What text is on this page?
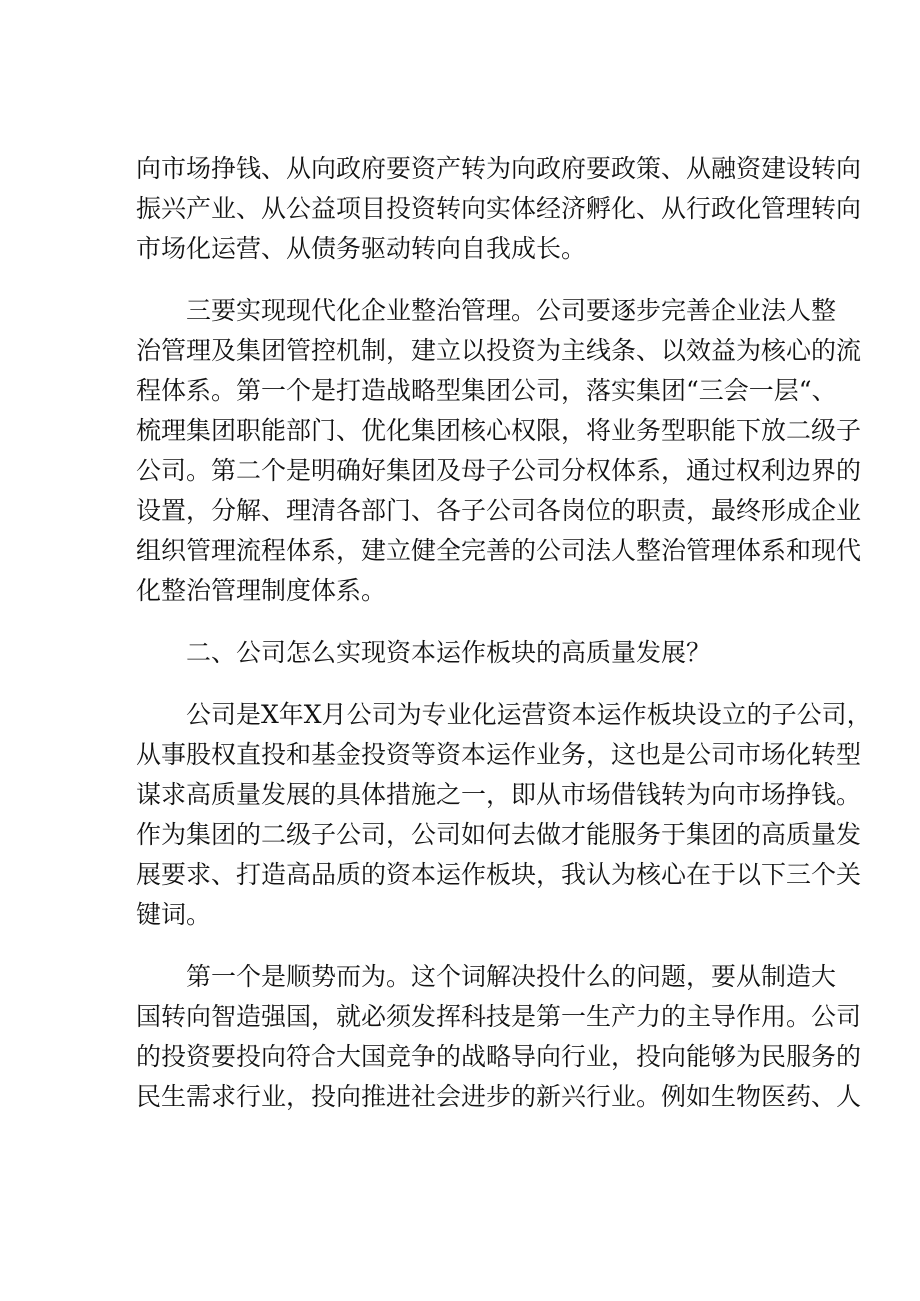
向市场挣钱、从向政府要资产转为向政府要政策、从融资建设转向
振兴产业、从公益项目投资转向实体经济孵化、从行政化管理转向
市场化运营、从债务驱动转向自我成长。
　　三要实现现代化企业整治管理。公司要逐步完善企业法人整
治管理及集团管控机制，建立以投资为主线条、以效益为核心的流
程体系。第一个是打造战略型集团公司，落实集团“三会一层“、
梳理集团职能部门、优化集团核心权限，将业务型职能下放二级子
公司。第二个是明确好集团及母子公司分权体系，通过权利边界的
设置，分解、理清各部门、各子公司各岗位的职责，最终形成企业
组织管理流程体系，建立健全完善的公司法人整治管理体系和现代
化整治管理制度体系。
　　二、公司怎么实现资本运作板块的高质量发展？
　　公司是X年X月公司为专业化运营资本运作板块设立的子公司，
从事股权直投和基金投资等资本运作业务，这也是公司市场化转型
谋求高质量发展的具体措施之一，即从市场借钱转为向市场挣钱。
作为集团的二级子公司，公司如何去做才能服务于集团的高质量发
展要求、打造高品质的资本运作板块，我认为核心在于以下三个关
键词。
　　第一个是顺势而为。这个词解决投什么的问题，要从制造大
国转向智造强国，就必须发挥科技是第一生产力的主导作用。公司
的投资要投向符合大国竞争的战略导向行业，投向能够为民服务的
民生需求行业，投向推进社会进步的新兴行业。例如生物医药、人
